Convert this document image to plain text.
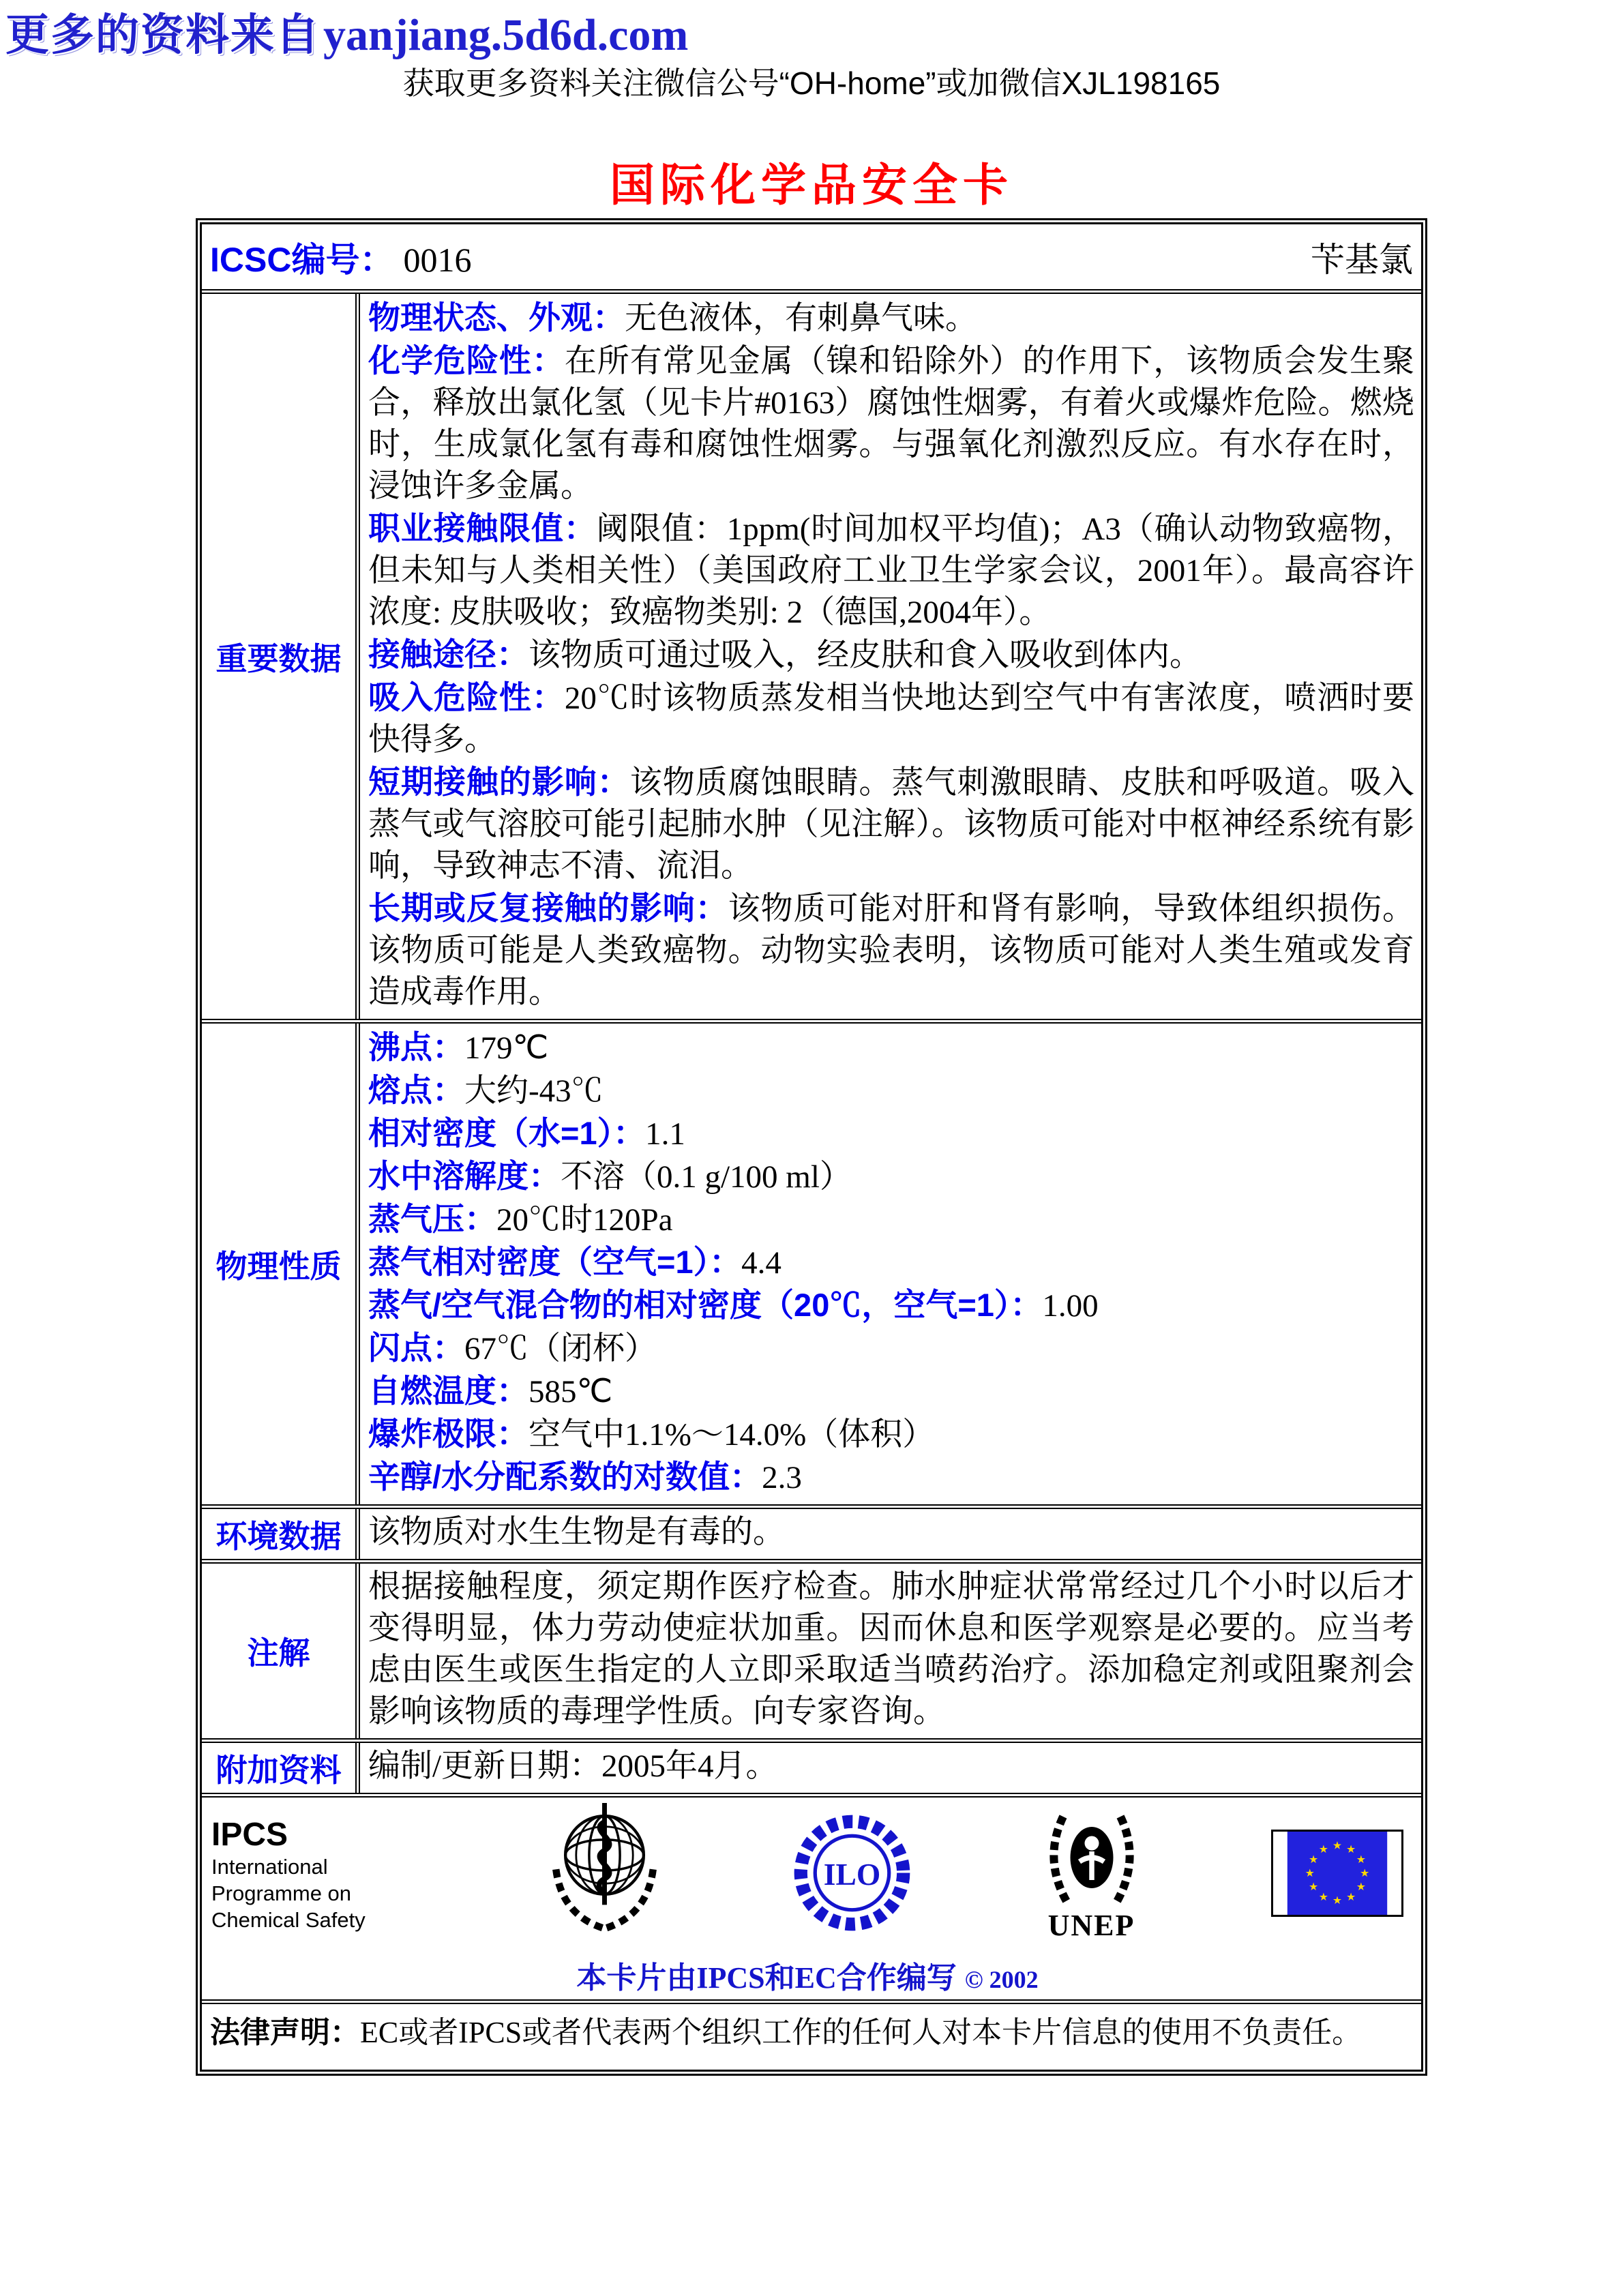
更多的资料来自 yanjiang.5d6d.com
获取更多资料关注微信公号“OH-home”或加微信XJL198165
国际化学品安全卡
ICSC编号： 0016	苄基氯
重要数据

物理状态、外观：无色液体，有刺鼻气味。

化学危险性：在所有常见金属（镍和铅除外）的作用下，该物质会发生聚合，释放出氯化氢（见卡片#0163）腐蚀性烟雾，有着火或爆炸危险。燃烧时，生成氯化氢有毒和腐蚀性烟雾。与强氧化剂激烈反应。有水存在时，浸蚀许多金属。

职业接触限值：阈限值：1ppm(时间加权平均值)；A3（确认动物致癌物，但未知与人类相关性）（美国政府工业卫生学家会议，2001年）。最高容许浓度: 皮肤吸收；致癌物类别: 2（德国,2004年）。

接触途径：该物质可通过吸入，经皮肤和食入吸收到体内。

吸入危险性：20℃时该物质蒸发相当快地达到空气中有害浓度，喷洒时要快得多。

短期接触的影响：该物质腐蚀眼睛。蒸气刺激眼睛、皮肤和呼吸道。吸入蒸气或气溶胶可能引起肺水肿（见注解）。该物质可能对中枢神经系统有影响，导致神志不清、流泪。

长期或反复接触的影响：该物质可能对肝和肾有影响，导致体组织损伤。该物质可能是人类致癌物。动物实验表明，该物质可能对人类生殖或发育造成毒作用。

物理性质

沸点：179℃

熔点：大约-43℃

相对密度（水=1）：1.1

水中溶解度：不溶（0.1 g/100 ml）

蒸气压：20℃时120Pa

蒸气相对密度（空气=1）：4.4

蒸气/空气混合物的相对密度（20℃，空气=1）：1.00

闪点：67℃（闭杯）

自燃温度：585℃

爆炸极限：空气中1.1%～14.0%（体积）

辛醇/水分配系数的对数值：2.3

环境数据 该物质对水生生物是有毒的。
注解
根据接触程度，须定期作医疗检查。肺水肿症状常常经过几个小时以后才变得明显，体力劳动使症状加重。因而休息和医学观察是必要的。应当考虑由医生或医生指定的人立即采取适当喷药治疗。添加稳定剂或阻聚剂会影响该物质的毒理学性质。向专家咨询。
附加资料 编制/更新日期：2005年4月。
IPCS
International
Programme on
Chemical Safety
ILO
UNEP
★ ★
★
★
★
★
★
★
★
★
★
★
本卡片由IPCS和EC合作编写 © 2002
法律声明：EC或者IPCS或者代表两个组织工作的任何人对本卡片信息的使用不负责任。
